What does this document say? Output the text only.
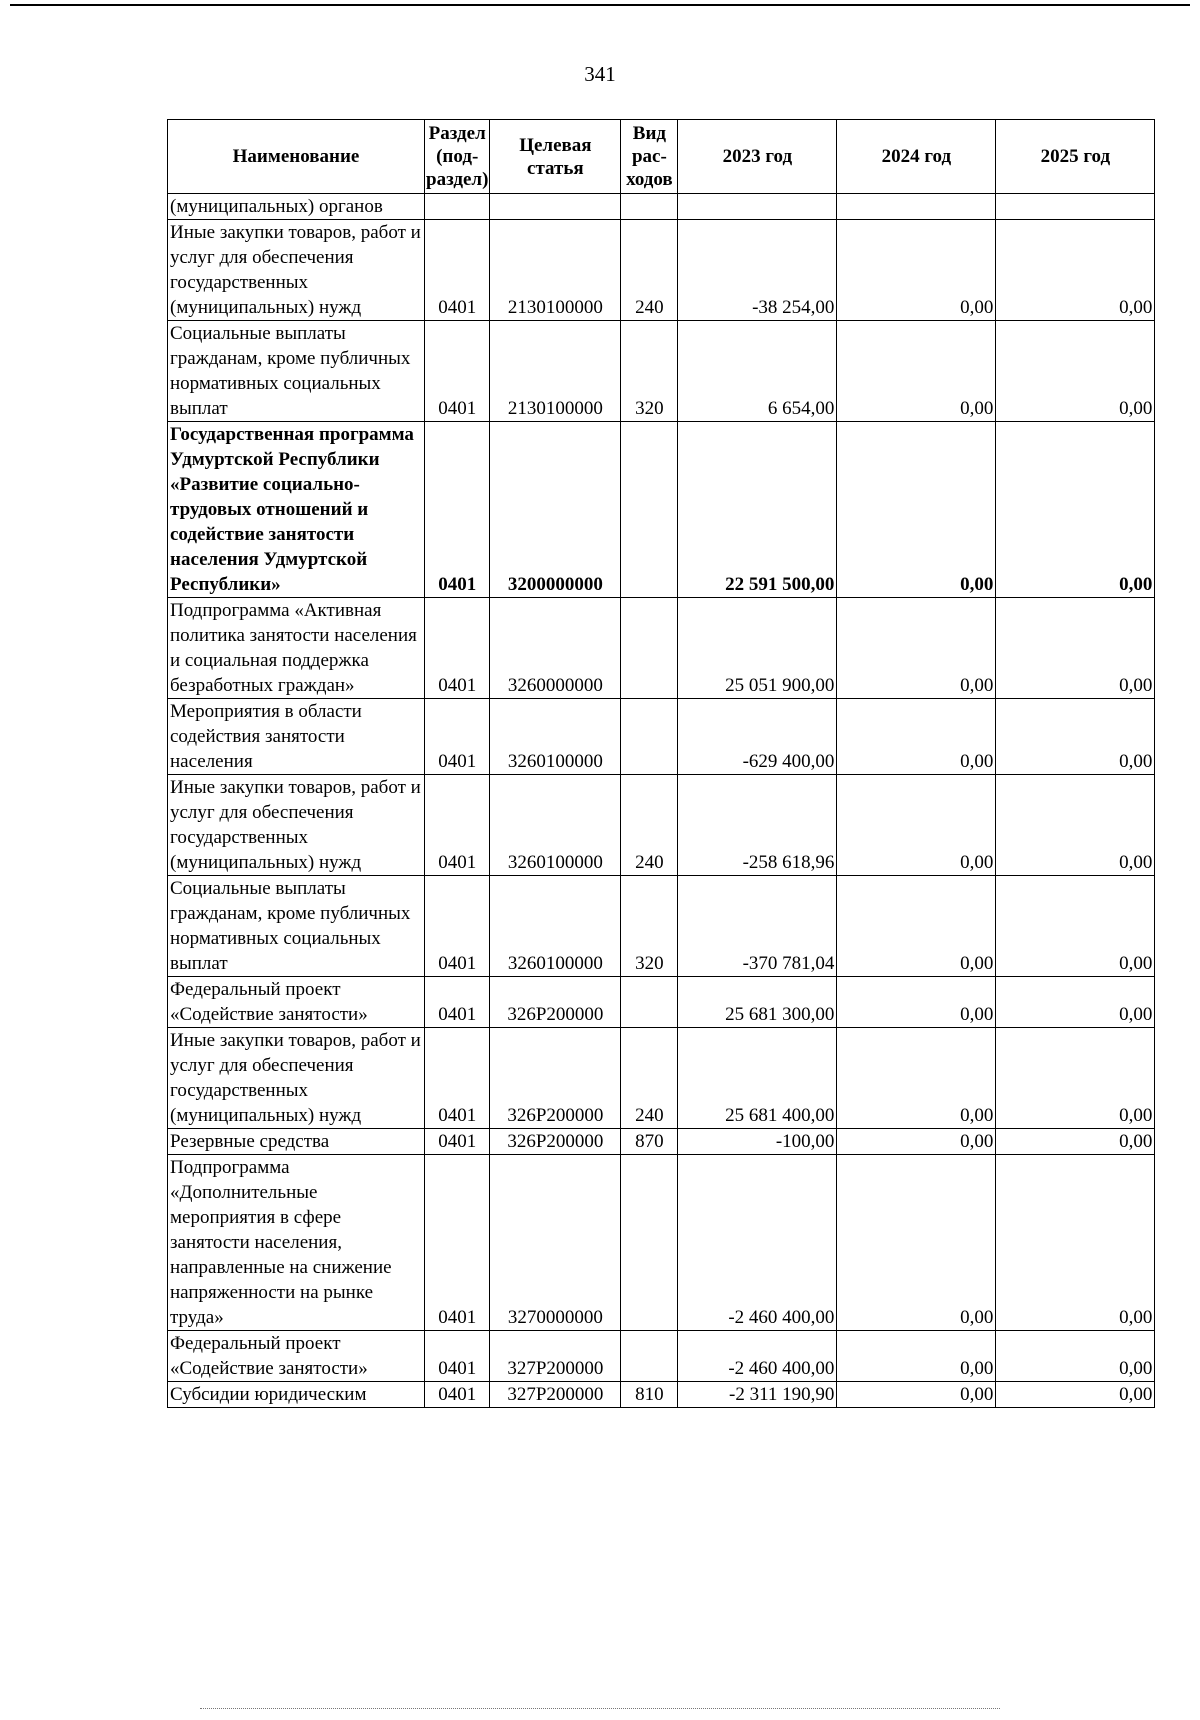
341
Наименование	Раздел (под-раздел)	Целевая статья	Вид рас-ходов	2023 год	2024 год	2025 год
(муниципальных) органов						
Иные закупки товаров, работ и услуг для обеспечения государственных (муниципальных) нужд	0401	2130100000	240	-38 254,00	0,00	0,00
Социальные выплаты гражданам, кроме публичных нормативных социальных выплат	0401	2130100000	320	6 654,00	0,00	0,00
Государственная программа Удмуртской Республики «Развитие социально-трудовых отношений и содействие занятости населения Удмуртской Республики»	0401	3200000000		22 591 500,00	0,00	0,00
Подпрограмма «Активная политика занятости населения и социальная поддержка безработных граждан»	0401	3260000000		25 051 900,00	0,00	0,00
Мероприятия в области содействия занятости населения	0401	3260100000		-629 400,00	0,00	0,00
Иные закупки товаров, работ и услуг для обеспечения государственных (муниципальных) нужд	0401	3260100000	240	-258 618,96	0,00	0,00
Социальные выплаты гражданам, кроме публичных нормативных социальных выплат	0401	3260100000	320	-370 781,04	0,00	0,00
Федеральный проект «Содействие занятости»	0401	326P200000		25 681 300,00	0,00	0,00
Иные закупки товаров, работ и услуг для обеспечения государственных (муниципальных) нужд	0401	326P200000	240	25 681 400,00	0,00	0,00
Резервные средства	0401	326P200000	870	-100,00	0,00	0,00
Подпрограмма «Дополнительные мероприятия в сфере занятости населения, направленные на снижение напряженности на рынке труда»	0401	3270000000		-2 460 400,00	0,00	0,00
Федеральный проект «Содействие занятости»	0401	327P200000		-2 460 400,00	0,00	0,00
Субсидии юридическим	0401	327P200000	810	-2 311 190,90	0,00	0,00
